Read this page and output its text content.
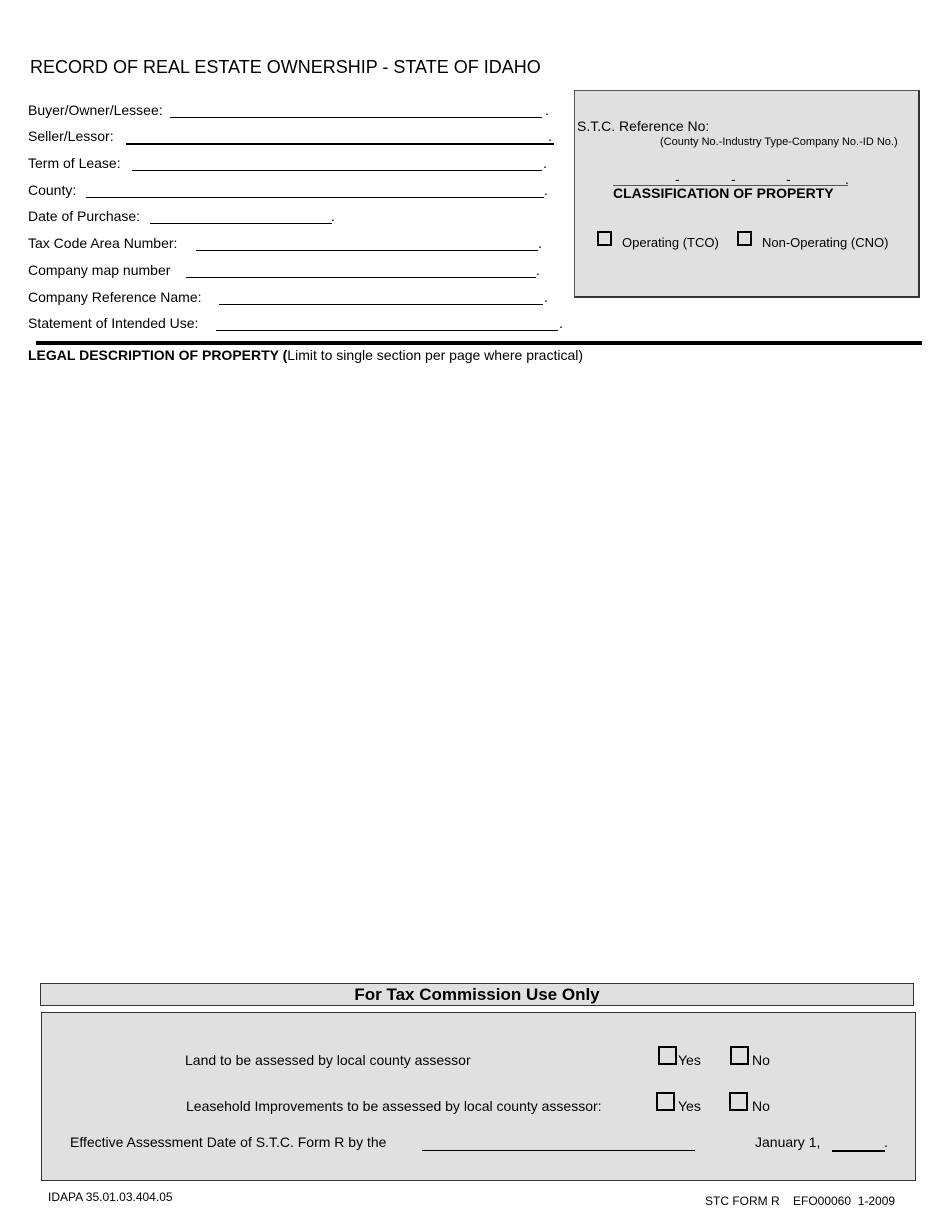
RECORD OF REAL ESTATE OWNERSHIP - STATE OF IDAHO
Buyer/Owner/Lessee:	.
Seller/Lessor:	.
Term of Lease:	.
County:	.
Date of Purchase:	.
Tax Code Area Number:	.
Company map number	.
Company Reference Name:	.
Statement of Intended Use:	.
S.T.C. Reference No:
(County No.-Industry Type-Company No.-ID No.)
-	-	-	.
CLASSIFICATION OF PROPERTY
Operating (TCO)	Non-Operating (CNO)
LEGAL DESCRIPTION OF PROPERTY (Limit to single section per page where practical)
For Tax Commission Use Only
Land to be assessed by local county assessor	Yes	No
Leasehold Improvements to be assessed by local county assessor:	Yes	No
Effective Assessment Date of S.T.C. Form R by the	January 1,	.
IDAPA 35.01.03.404.05	STC FORM R    EFO00060  1-2009
